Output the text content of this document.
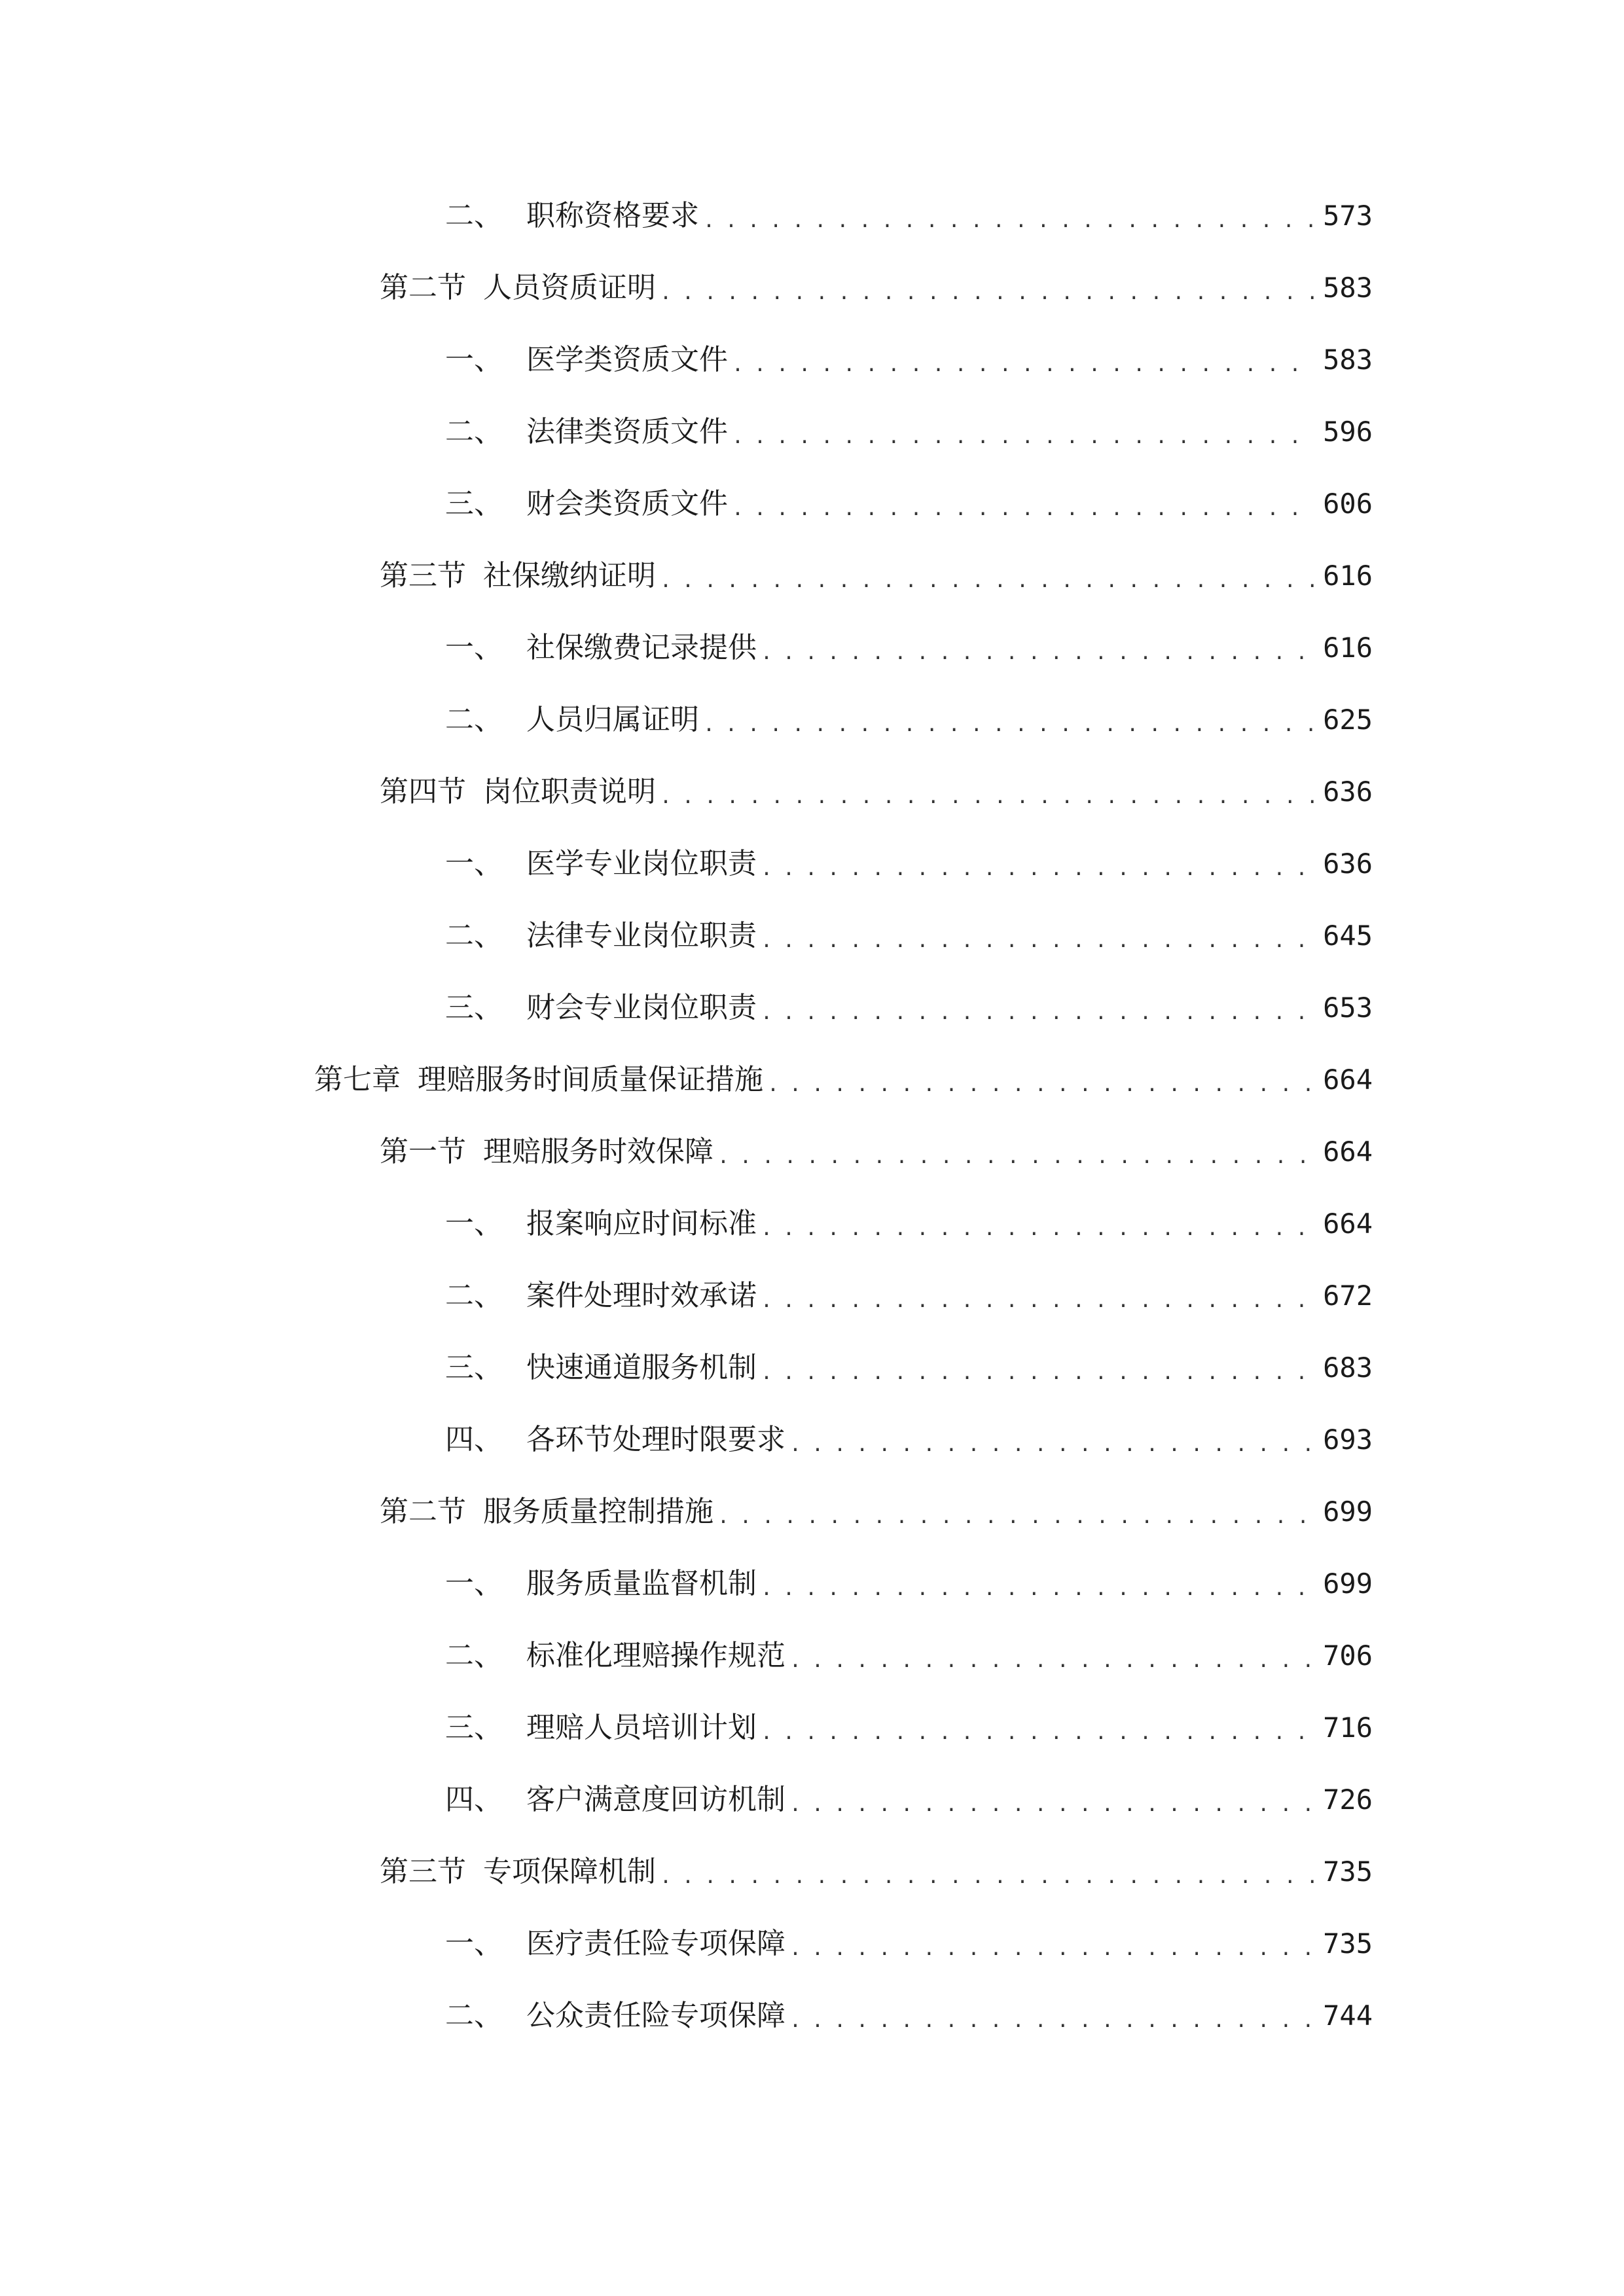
二、 职称资格要求 .....	573
第二节 人员资质证明 .....	583
一、 医学类资质文件 .....	583
二、 法律类资质文件 .....	596
三、 财会类资质文件 .....	606
第三节 社保缴纳证明 .....	616
一、 社保缴费记录提供 .....	616
二、 人员归属证明 .....	625
第四节 岗位职责说明 .....	636
一、 医学专业岗位职责 .....	636
二、 法律专业岗位职责 .....	645
三、 财会专业岗位职责 .....	653
第七章 理赔服务时间质量保证措施 .....	664
第一节 理赔服务时效保障 .....	664
一、 报案响应时间标准 .....	664
二、 案件处理时效承诺 .....	672
三、 快速通道服务机制 .....	683
四、 各环节处理时限要求 .....	693
第二节 服务质量控制措施 .....	699
一、 服务质量监督机制 .....	699
二、 标准化理赔操作规范 .....	706
三、 理赔人员培训计划 .....	716
四、 客户满意度回访机制 .....	726
第三节 专项保障机制 .....	735
一、 医疗责任险专项保障 .....	735
二、 公众责任险专项保障 .....	744
